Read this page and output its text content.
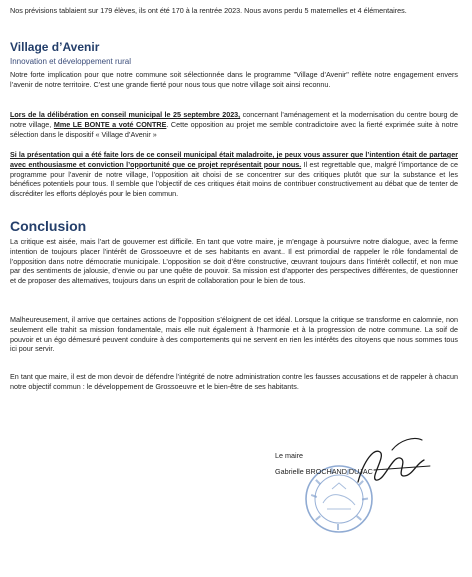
Nos prévisions tablaient sur 179 élèves, ils ont été 170 à la rentrée 2023. Nous avons perdu 5 maternelles et 4 élémentaires.

Village d’Avenir

Innovation et développement rural

Notre forte implication pour que notre commune soit sélectionnée dans le programme "Village d’Avenir" reflète notre engagement envers l’avenir de notre territoire. C’est une grande fierté pour nous tous que notre village soit ainsi reconnu.

Lors de la délibération en conseil municipal le 25 septembre 2023, concernant l’aménagement et la modernisation du centre bourg de notre village, Mme LE BONTE a voté CONTRE. Cette opposition au projet me semble contradictoire avec la fierté exprimée suite à notre sélection dans le dispositif « Village d’Avenir »

Si la présentation qui a été faite lors de ce conseil municipal était maladroite, je peux vous assurer que l’intention était de partager avec enthousiasme et conviction l’opportunité que ce projet représentait pour nous. Il est regrettable que, malgré l’importance de ce programme pour l’avenir de notre village, l’opposition ait choisi de se concentrer sur des critiques plutôt que sur la substance et les bénéfices potentiels pour tous. Il semble que l’objectif de ces critiques était moins de contribuer constructivement au débat que de tenter de discréditer les efforts déployés pour le bien commun.

Conclusion

La critique est aisée, mais l’art de gouverner est difficile. En tant que votre maire, je m’engage à poursuivre notre dialogue, avec la ferme intention de toujours placer l’intérêt de Grossoeuvre et de ses habitants en avant.. Il est primordial de rappeler le rôle fondamental de l’opposition dans notre démocratie municipale. L’opposition se doit d’être constructive, œuvrant toujours dans l’intérêt collectif, et non mue par des sentiments de jalousie, d’envie ou par une quête de pouvoir. Sa mission est d’apporter des perspectives différentes, de questionner et de proposer des alternatives, toujours dans un esprit de collaboration pour le bien de tous.

Malheureusement, il arrive que certaines actions de l’opposition s’éloignent de cet idéal. Lorsque la critique se transforme en calomnie, non seulement elle trahit sa mission fondamentale, mais elle nuit également à l’harmonie et à la progression de notre commune. La soif de pouvoir et un égo démesuré peuvent conduire à des comportements qui ne servent en rien les intérêts des citoyens que nous sommes tous ici pour servir.

En tant que maire, il est de mon devoir de défendre l’intégrité de notre administration contre les fausses accusations et de rappeler à chacun notre objectif commun : le développement de Grossoeuvre et le bien-être de ses habitants.

Le maire
Gabrielle BROCHAND DUJAC
